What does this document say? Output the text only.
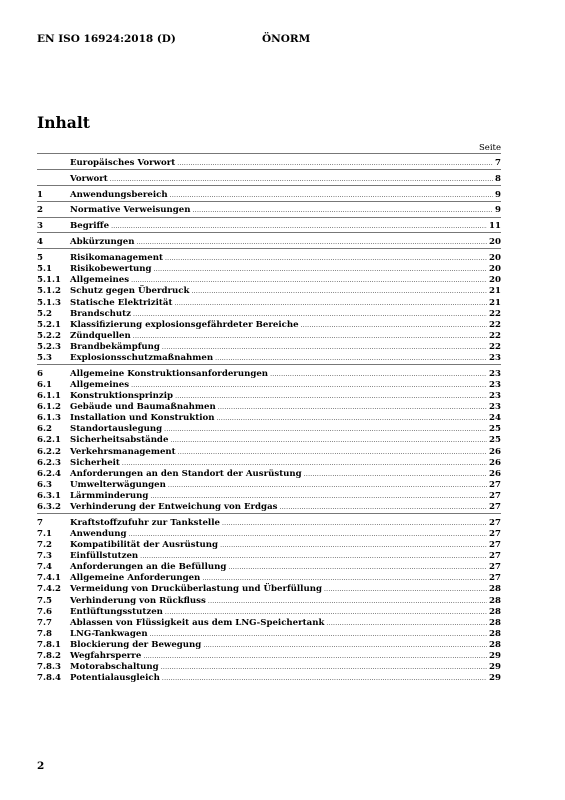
EN ISO 16924:2018 (D)	ÖNORM
Inhalt
Seite
Europäisches Vorwort .....	7
Vorwort .....	8
1	Anwendungsbereich .....	9
2	Normative Verweisungen .....	9
3	Begriffe .....	11
4	Abkürzungen .....	20
5	Risikomanagement .....	20
5.1	Risikobewertung .....	20
5.1.1	Allgemeines .....	20
5.1.2	Schutz gegen Überdruck .....	21
5.1.3	Statische Elektrizität .....	21
5.2	Brandschutz .....	22
5.2.1	Klassifizierung explosionsgefährdeter Bereiche .....	22
5.2.2	Zündquellen .....	22
5.2.3	Brandbekämpfung .....	22
5.3	Explosionsschutzmaßnahmen .....	23
6	Allgemeine Konstruktionsanforderungen .....	23
6.1	Allgemeines .....	23
6.1.1	Konstruktionsprinzip .....	23
6.1.2	Gebäude und Baumaßnahmen .....	23
6.1.3	Installation und Konstruktion .....	24
6.2	Standortauslegung .....	25
6.2.1	Sicherheitsabstände .....	25
6.2.2	Verkehrsmanagement .....	26
6.2.3	Sicherheit .....	26
6.2.4	Anforderungen an den Standort der Ausrüstung .....	26
6.3	Umwelterwägungen .....	27
6.3.1	Lärmminderung .....	27
6.3.2	Verhinderung der Entweichung von Erdgas .....	27
7	Kraftstoffzufuhr zur Tankstelle .....	27
7.1	Anwendung .....	27
7.2	Kompatibilität der Ausrüstung .....	27
7.3	Einfüllstutzen .....	27
7.4	Anforderungen an die Befüllung .....	27
7.4.1	Allgemeine Anforderungen .....	27
7.4.2	Vermeidung von Drucküberlastung und Überfüllung .....	28
7.5	Verhinderung von Rückfluss .....	28
7.6	Entlüftungsstutzen .....	28
7.7	Ablassen von Flüssigkeit aus dem LNG-Speichertank .....	28
7.8	LNG-Tankwagen .....	28
7.8.1	Blockierung der Bewegung .....	28
7.8.2	Wegfahrsperre .....	29
7.8.3	Motorabschaltung .....	29
7.8.4	Potentialausgleich .....	29
2
